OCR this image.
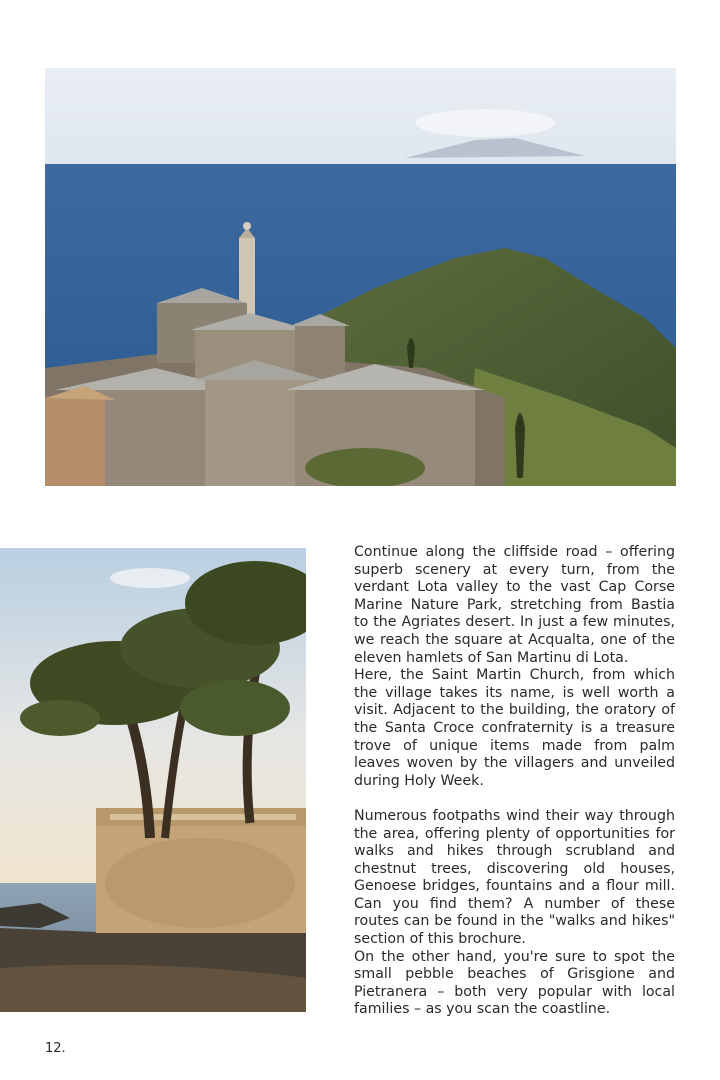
Continue along the cliffside road – offering superb scenery at every turn, from the verdant Lota valley to the vast Cap Corse Marine Nature Park, stretching from Bastia to the Agriates desert. In just a few minutes, we reach the square at Acqualta, one of the eleven hamlets of San Martinu di Lota.

Here, the Saint Martin Church, from which the village takes its name, is well worth a visit. Adjacent to the building, the oratory of the Santa Croce confraternity is a treasure trove of unique items made from palm leaves woven by the villagers and unveiled during Holy Week.

Numerous footpaths wind their way through the area, offering plenty of opportunities for walks and hikes through scrubland and chestnut trees, discovering old houses, Genoese bridges, fountains and a flour mill. Can you find them? A number of these routes can be found in the "walks and hikes" section of this brochure.

On the other hand, you're sure to spot the small pebble beaches of Grisgione and Pietranera – both very popular with local families – as you scan the coastline.

12.
